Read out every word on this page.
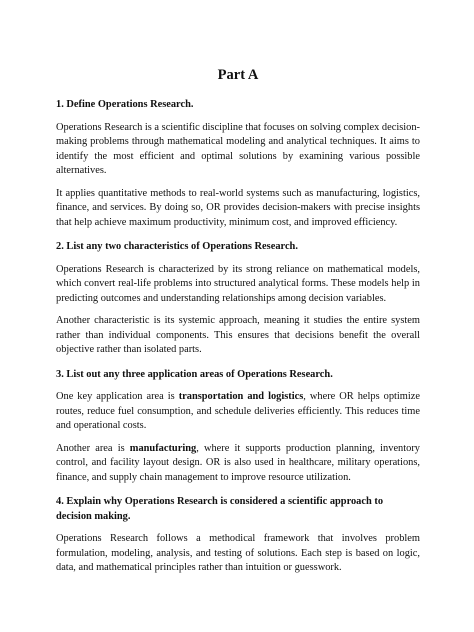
Part A
1. Define Operations Research.
Operations Research is a scientific discipline that focuses on solving complex decision-making problems through mathematical modeling and analytical techniques. It aims to identify the most efficient and optimal solutions by examining various possible alternatives.
It applies quantitative methods to real-world systems such as manufacturing, logistics, finance, and services. By doing so, OR provides decision-makers with precise insights that help achieve maximum productivity, minimum cost, and improved efficiency.
2. List any two characteristics of Operations Research.
Operations Research is characterized by its strong reliance on mathematical models, which convert real-life problems into structured analytical forms. These models help in predicting outcomes and understanding relationships among decision variables.
Another characteristic is its systemic approach, meaning it studies the entire system rather than individual components. This ensures that decisions benefit the overall objective rather than isolated parts.
3. List out any three application areas of Operations Research.
One key application area is transportation and logistics, where OR helps optimize routes, reduce fuel consumption, and schedule deliveries efficiently. This reduces time and operational costs.
Another area is manufacturing, where it supports production planning, inventory control, and facility layout design. OR is also used in healthcare, military operations, finance, and supply chain management to improve resource utilization.
4. Explain why Operations Research is considered a scientific approach to decision making.
Operations Research follows a methodical framework that involves problem formulation, modeling, analysis, and testing of solutions. Each step is based on logic, data, and mathematical principles rather than intuition or guesswork.
